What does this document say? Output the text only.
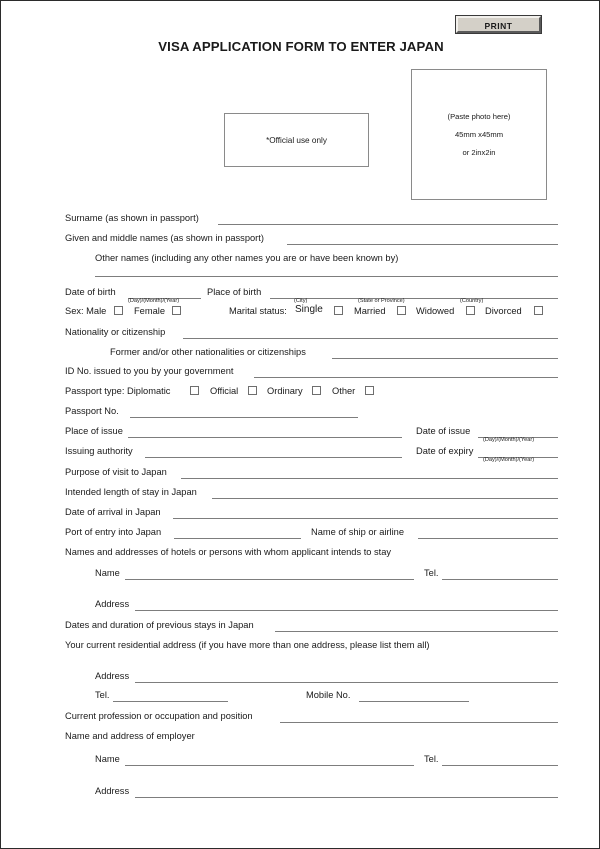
PRINT
VISA APPLICATION FORM TO ENTER JAPAN
*Official use only
(Paste photo here)
45mm x45mm
or 2inx2in
Surname (as shown in passport)
Given and middle names (as shown in passport)
Other names (including any other names you are or have been known by)
Date of birth
(Day)/(Month)/(Year)
Place of birth
(City)	(State or Province)	(Country)
Sex: Male	Female	Marital status: Single	Married	Widowed	Divorced
Nationality or citizenship
Former and/or other nationalities or citizenships
ID No. issued to you by your government
Passport type: Diplomatic	Official	Ordinary	Other
Passport No.
Place of issue	Date of issue
(Day)/(Month)/(Year)
Issuing authority	Date of expiry
(Day)/(Month)/(Year)
Purpose of visit to Japan
Intended length of stay in Japan
Date of arrival in Japan
Port of entry into Japan	Name of ship or airline
Names and addresses of hotels or persons with whom applicant intends to stay
Name	Tel.
Address
Dates and duration of previous stays in Japan
Your current residential address (if you have more than one address, please list them all)
Address
Tel.	Mobile No.
Current profession or occupation and position
Name and address of employer
Name	Tel.
Address
